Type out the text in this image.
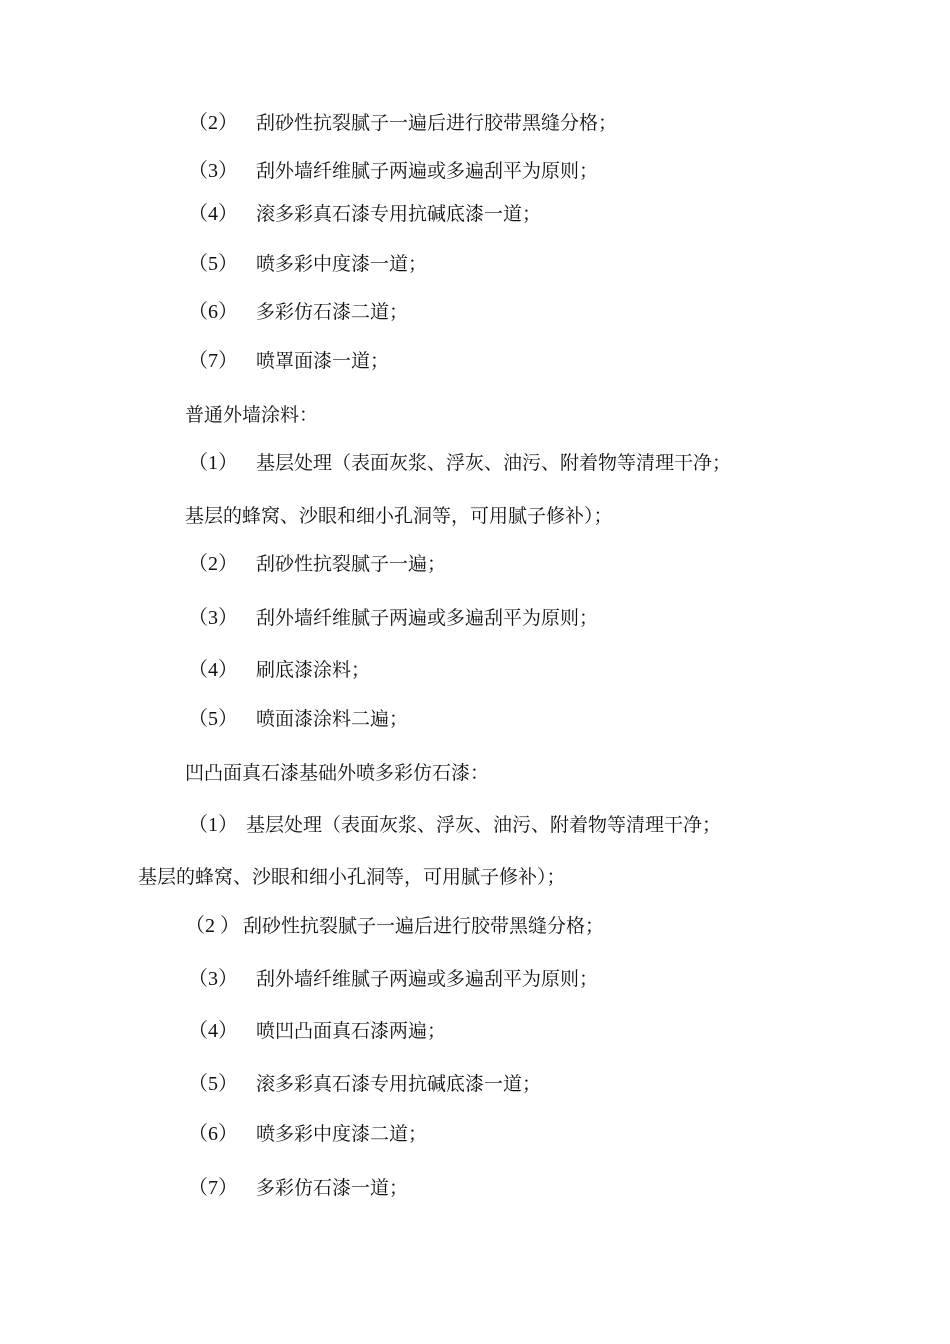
（2） 刮砂性抗裂腻子一遍后进行胶带黑缝分格；
（3） 刮外墙纤维腻子两遍或多遍刮平为原则；
（4） 滚多彩真石漆专用抗碱底漆一道；
（5） 喷多彩中度漆一道；
（6） 多彩仿石漆二道；
（7） 喷罩面漆一道；
普通外墙涂料：
（1） 基层处理（表面灰浆、浮灰、油污、附着物等清理干净；
基层的蜂窝、沙眼和细小孔洞等，可用腻子修补）；
（2） 刮砂性抗裂腻子一遍；
（3） 刮外墙纤维腻子两遍或多遍刮平为原则；
（4） 刷底漆涂料；
（5） 喷面漆涂料二遍；
凹凸面真石漆基础外喷多彩仿石漆：
（1） 基层处理（表面灰浆、浮灰、油污、附着物等清理干净；
基层的蜂窝、沙眼和细小孔洞等，可用腻子修补）；
（2 ） 刮砂性抗裂腻子一遍后进行胶带黑缝分格；
（3） 刮外墙纤维腻子两遍或多遍刮平为原则；
（4） 喷凹凸面真石漆两遍；
（5） 滚多彩真石漆专用抗碱底漆一道；
（6） 喷多彩中度漆二道；
（7） 多彩仿石漆一道；
